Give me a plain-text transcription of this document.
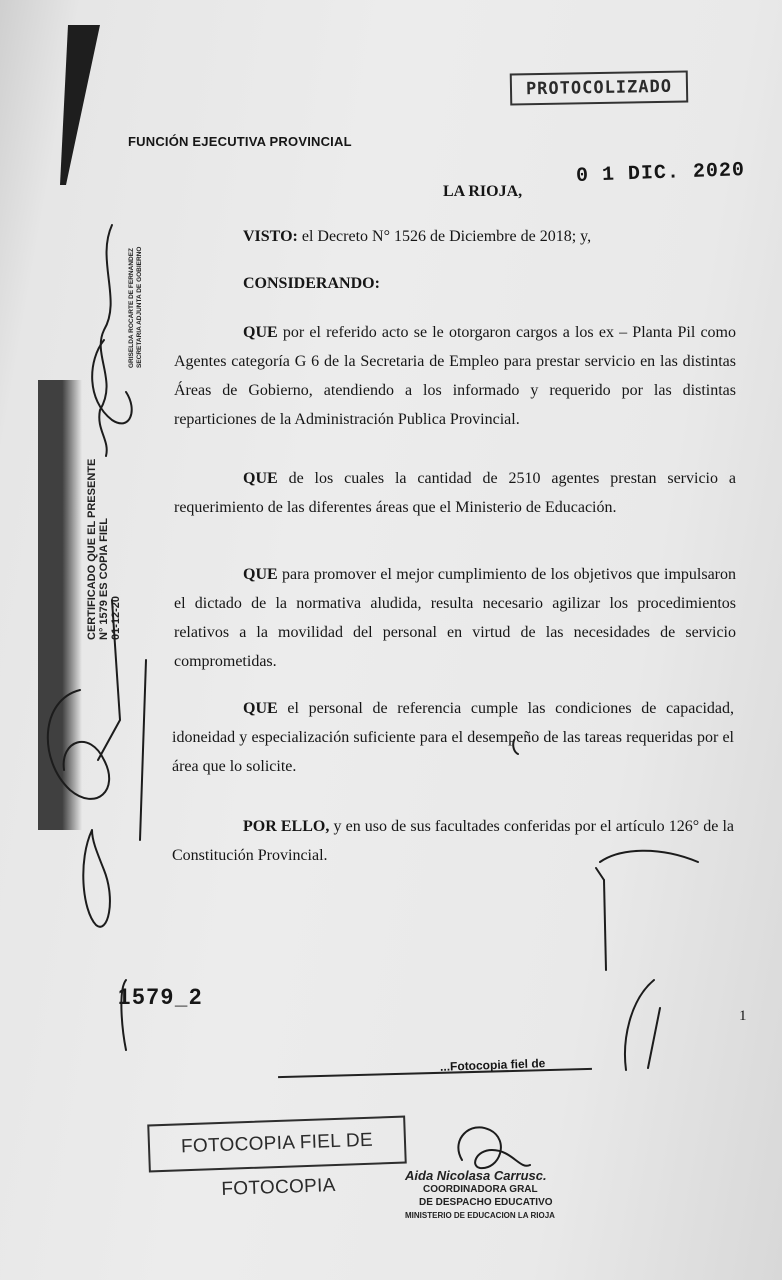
PROTOCOLIZADO
FUNCIÓN EJECUTIVA PROVINCIAL
0 1 DIC. 2020
LA RIOJA,

VISTO: el Decreto N° 1526 de Diciembre de 2018; y,

CONSIDERANDO:

QUE por el referido acto se le otorgaron cargos a los ex – Planta Pil como Agentes categoría G 6 de la Secretaria de Empleo para prestar servicio en las distintas Áreas de Gobierno, atendiendo a los informado y requerido por las distintas reparticiones de la Administración Publica Provincial.

QUE de los cuales la cantidad de 2510 agentes prestan servicio a requerimiento de las diferentes áreas que el Ministerio de Educación.

QUE para promover el mejor cumplimiento de los objetivos que impulsaron el dictado de la normativa aludida, resulta necesario agilizar los procedimientos relativos a la movilidad del personal en virtud de las necesidades de servicio comprometidas.

QUE el personal de referencia cumple las condiciones de capacidad, idoneidad y especialización suficiente para el desempeño de las tareas requeridas por el área que lo solicite.

POR ELLO, y en uso de sus facultades conferidas por el artículo 126° de la Constitución Provincial.

1579_2
1
...Fotocopia fiel de
FOTOCOPIA FIEL DE FOTOCOPIA	Aida Nicolasa Carrusc.
COORDINADORA GRAL
DE DESPACHO EDUCATIVO
MINISTERIO DE EDUCACION LA RIOJA
CERTIFICADO QUE EL PRESENTE N° 1579 ES COPIA FIEL 01-12-20
GRISELDA ROCARTE DE FERNANDEZ SECRETARIA ADJUNTA DE GOBIERNO
